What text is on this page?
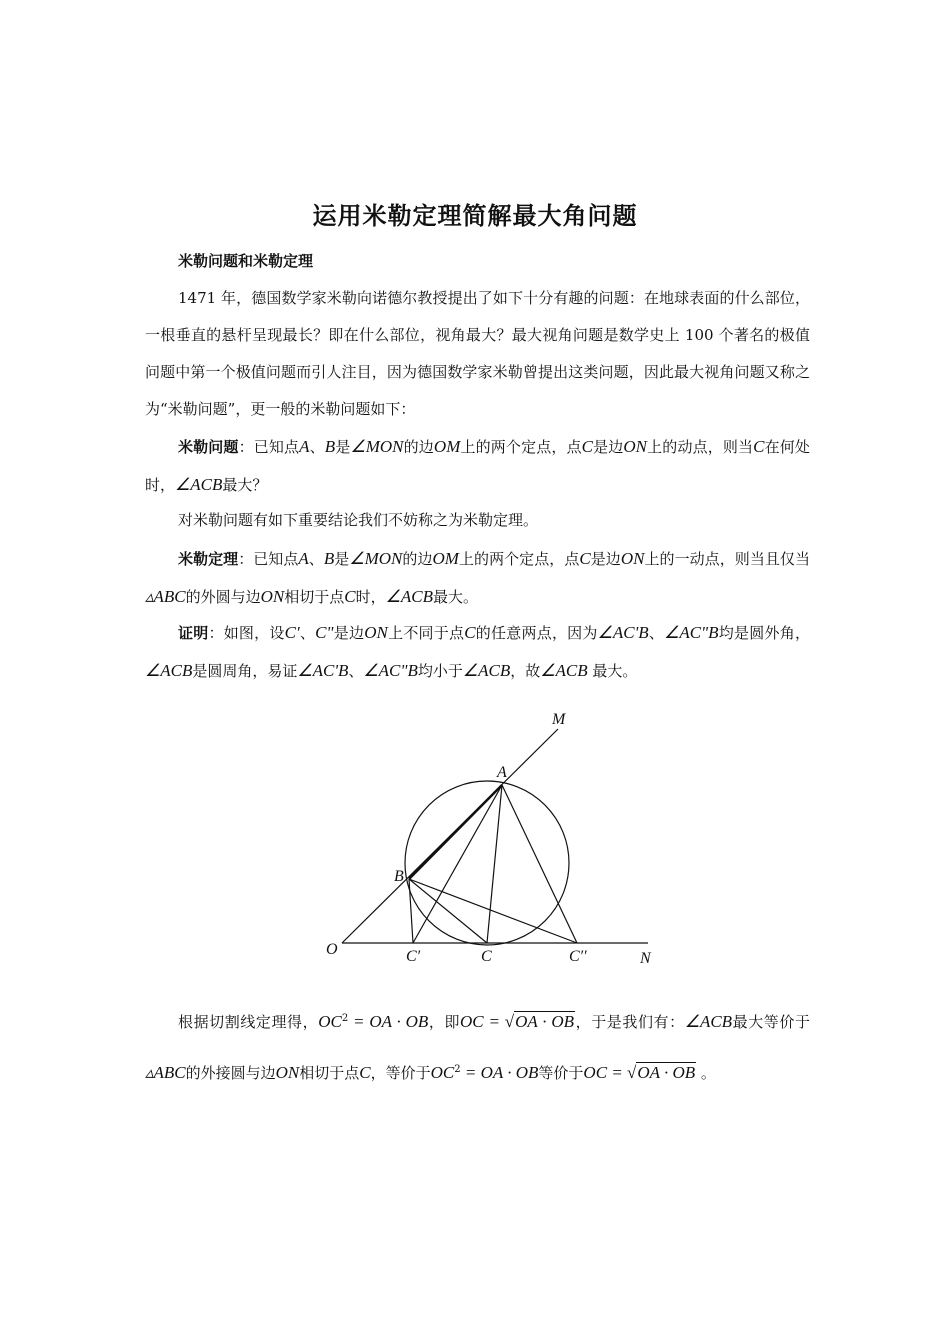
运用米勒定理简解最大角问题

米勒问题和米勒定理

1471 年，德国数学家米勒向诺德尔教授提出了如下十分有趣的问题：在地球表面的什么部位，一根垂直的悬杆呈现最长？即在什么部位，视角最大？最大视角问题是数学史上 100 个著名的极值问题中第一个极值问题而引人注目，因为德国数学家米勒曾提出这类问题，因此最大视角问题又称之为“米勒问题”，更一般的米勒问题如下：

米勒问题：已知点A、B是∠MON的边OM上的两个定点，点C是边ON上的动点，则当C在何处时，∠ACB最大？

对米勒问题有如下重要结论我们不妨称之为米勒定理。

米勒定理：已知点A、B是∠MON的边OM上的两个定点，点C是边ON上的一动点，则当且仅当▵ABC的外圆与边ON相切于点C时，∠ACB最大。

证明：如图，设C'、C"是边ON上不同于点C的任意两点，因为∠AC'B、∠AC"B均是圆外角，∠ACB是圆周角，易证∠AC'B、∠AC"B均小于∠ACB，故∠ACB 最大。

M
A
B
O	C′	C	C′′	N

根据切割线定理得，$OC^2$ = OA · OB，即OC = √OA · OB，于是我们有：∠ACB最大等价于▵ABC的外接圆与边ON相切于点C，等价于$OC^2$ = OA · OB等价于OC = √OA · OB 。
